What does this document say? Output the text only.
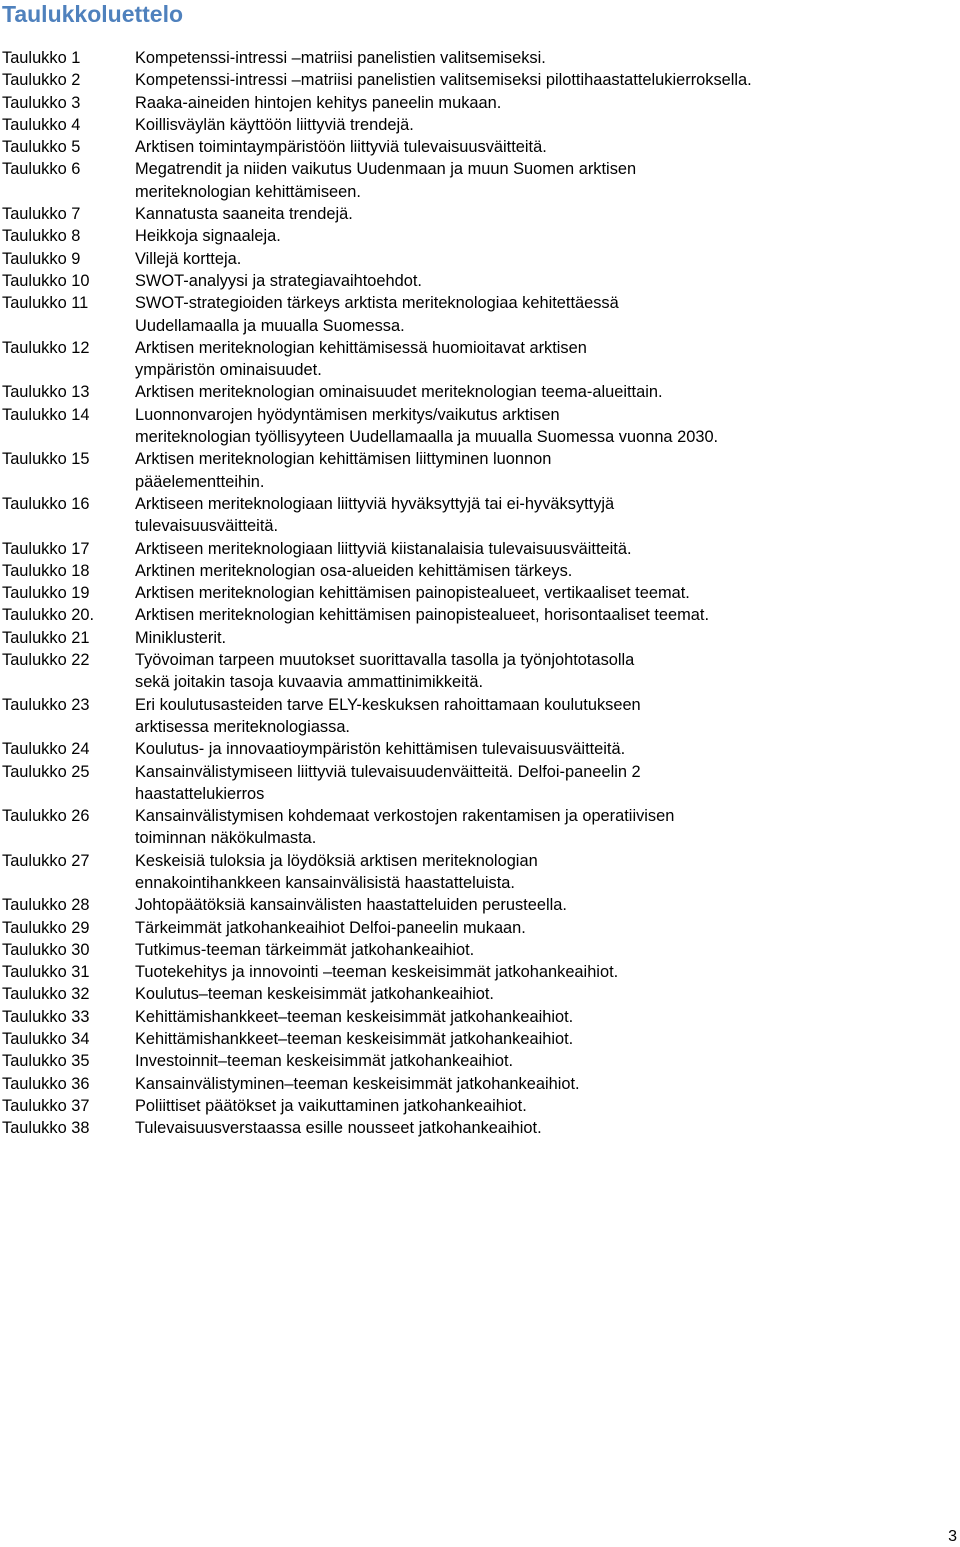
Taulukkoluettelo
Taulukko 1	Kompetenssi-intressi –matriisi panelistien valitsemiseksi.
Taulukko 2	Kompetenssi-intressi –matriisi panelistien valitsemiseksi pilottihaastattelukierroksella.
Taulukko 3	Raaka-aineiden hintojen kehitys paneelin mukaan.
Taulukko 4	Koillisväylän käyttöön liittyviä trendejä.
Taulukko 5	Arktisen toimintaympäristöön liittyviä tulevaisuusväitteitä.
Taulukko 6	Megatrendit ja niiden vaikutus Uudenmaan ja muun Suomen arktisen
meriteknologian kehittämiseen.
Taulukko 7	Kannatusta saaneita trendejä.
Taulukko 8	Heikkoja signaaleja.
Taulukko 9	Villejä kortteja.
Taulukko 10	SWOT-analyysi ja strategiavaihtoehdot.
Taulukko 11	SWOT-strategioiden tärkeys arktista meriteknologiaa kehitettäessä
Uudellamaalla ja muualla Suomessa.
Taulukko 12	Arktisen meriteknologian kehittämisessä huomioitavat arktisen
ympäristön ominaisuudet.
Taulukko 13	Arktisen meriteknologian ominaisuudet meriteknologian teema-alueittain.
Taulukko 14	Luonnonvarojen hyödyntämisen merkitys/vaikutus arktisen
meriteknologian työllisyyteen Uudellamaalla ja muualla Suomessa vuonna 2030.
Taulukko 15	Arktisen meriteknologian kehittämisen liittyminen luonnon
pääelementteihin.
Taulukko 16	Arktiseen meriteknologiaan liittyviä hyväksyttyjä tai ei-hyväksyttyjä
tulevaisuusväitteitä.
Taulukko 17	Arktiseen meriteknologiaan liittyviä kiistanalaisia tulevaisuusväitteitä.
Taulukko 18	Arktinen meriteknologian osa-alueiden kehittämisen tärkeys.
Taulukko 19	Arktisen meriteknologian kehittämisen painopistealueet, vertikaaliset teemat.
Taulukko 20. Arktisen meriteknologian kehittämisen painopistealueet, horisontaaliset teemat.
Taulukko 21	Miniklusterit.
Taulukko 22	Työvoiman tarpeen muutokset suorittavalla tasolla ja työnjohtotasolla
sekä joitakin tasoja kuvaavia ammattinimikkeitä.
Taulukko 23	Eri koulutusasteiden tarve ELY-keskuksen rahoittamaan koulutukseen
arktisessa meriteknologiassa.
Taulukko 24	Koulutus- ja innovaatioympäristön kehittämisen tulevaisuusväitteitä.
Taulukko 25	Kansainvälistymiseen liittyviä tulevaisuudenväitteitä. Delfoi-paneelin 2
haastattelukierros
Taulukko 26	Kansainvälistymisen kohdemaat verkostojen rakentamisen ja operatiivisen
toiminnan näkökulmasta.
Taulukko 27	Keskeisiä tuloksia ja löydöksiä arktisen meriteknologian
ennakointihankkeen kansainvälisistä haastatteluista.
Taulukko 28	Johtopäätöksiä kansainvälisten haastatteluiden perusteella.
Taulukko 29	Tärkeimmät jatkohankeaihiot Delfoi-paneelin mukaan.
Taulukko 30	Tutkimus-teeman tärkeimmät jatkohankeaihiot.
Taulukko 31	Tuotekehitys ja innovointi –teeman keskeisimmät jatkohankeaihiot.
Taulukko 32	Koulutus–teeman keskeisimmät jatkohankeaihiot.
Taulukko 33	Kehittämishankkeet–teeman keskeisimmät jatkohankeaihiot.
Taulukko 34	Kehittämishankkeet–teeman keskeisimmät jatkohankeaihiot.
Taulukko 35	Investoinnit–teeman keskeisimmät jatkohankeaihiot.
Taulukko 36	Kansainvälistyminen–teeman keskeisimmät jatkohankeaihiot.
Taulukko 37	Poliittiset päätökset ja vaikuttaminen jatkohankeaihiot.
Taulukko 38	Tulevaisuusverstaassa esille nousseet jatkohankeaihiot.
3
